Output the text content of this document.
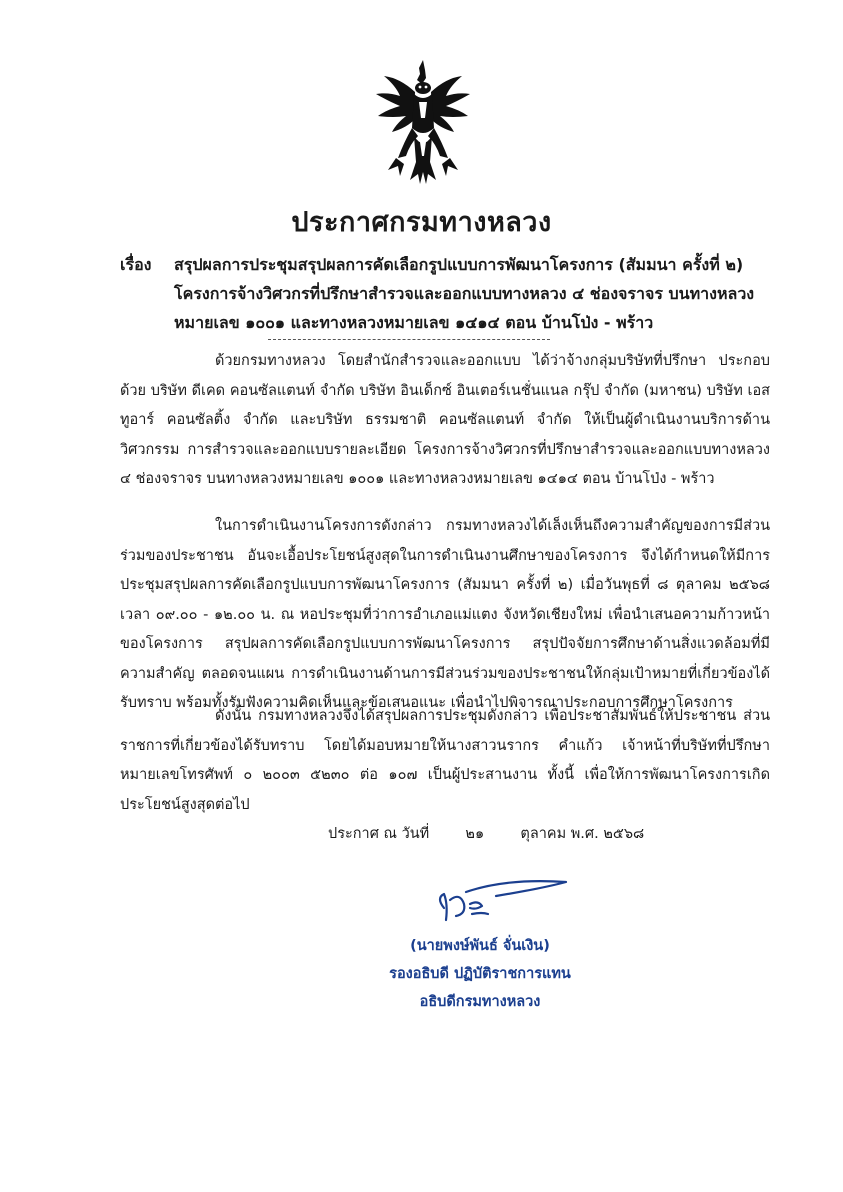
ประกาศกรมทางหลวง
เรื่อง สรุปผลการประชุมสรุปผลการคัดเลือกรูปแบบการพัฒนาโครงการ (สัมมนา ครั้งที่ ๒) โครงการจ้างวิศวกรที่ปรึกษาสำรวจและออกแบบทางหลวง ๔ ช่องจราจร บนทางหลวงหมายเลข ๑๐๐๑ และทางหลวงหมายเลข ๑๔๑๔ ตอน บ้านโป่ง - พร้าว

ด้วยกรมทางหลวง โดยสำนักสำรวจและออกแบบ ได้ว่าจ้างกลุ่มบริษัทที่ปรึกษา ประกอบด้วย บริษัท ดีเคด คอนซัลแตนท์ จำกัด บริษัท อินเด็กซ์ อินเตอร์เนชั่นแนล กรุ๊ป จำกัด (มหาชน) บริษัท เอสทูอาร์ คอนซัลติ้ง จำกัด และบริษัท ธรรมชาติ คอนซัลแตนท์ จำกัด ให้เป็นผู้ดำเนินงานบริการด้านวิศวกรรม การสำรวจและออกแบบรายละเอียด โครงการจ้างวิศวกรที่ปรึกษาสำรวจและออกแบบทางหลวง ๔ ช่องจราจร บนทางหลวงหมายเลข ๑๐๐๑ และทางหลวงหมายเลข ๑๔๑๔ ตอน บ้านโป่ง - พร้าว

ในการดำเนินงานโครงการดังกล่าว กรมทางหลวงได้เล็งเห็นถึงความสำคัญของการมีส่วนร่วมของประชาชน อันจะเอื้อประโยชน์สูงสุดในการดำเนินงานศึกษาของโครงการ จึงได้กำหนดให้มีการประชุมสรุปผลการคัดเลือกรูปแบบการพัฒนาโครงการ (สัมมนา ครั้งที่ ๒) เมื่อวันพุธที่ ๘ ตุลาคม ๒๕๖๘ เวลา ๐๙.๐๐ - ๑๒.๐๐ น. ณ หอประชุมที่ว่าการอำเภอแม่แตง จังหวัดเชียงใหม่ เพื่อนำเสนอความก้าวหน้าของโครงการ สรุปผลการคัดเลือกรูปแบบการพัฒนาโครงการ สรุปปัจจัยการศึกษาด้านสิ่งแวดล้อมที่มีความสำคัญ ตลอดจนแผน การดำเนินงานด้านการมีส่วนร่วมของประชาชนให้กลุ่มเป้าหมายที่เกี่ยวข้องได้รับทราบ พร้อมทั้งรับฟังความคิดเห็นและข้อเสนอแนะ เพื่อนำไปพิจารณาประกอบการศึกษาโครงการ

ดังนั้น กรมทางหลวงจึงได้สรุปผลการประชุมดังกล่าว เพื่อประชาสัมพันธ์ให้ประชาชน ส่วนราชการที่เกี่ยวข้องได้รับทราบ โดยได้มอบหมายให้นางสาวนรากร คำแก้ว เจ้าหน้าที่บริษัทที่ปรึกษา หมายเลขโทรศัพท์ ๐ ๒๐๐๓ ๕๒๓๐ ต่อ ๑๐๗ เป็นผู้ประสานงาน ทั้งนี้ เพื่อให้การพัฒนาโครงการเกิดประโยชน์สูงสุดต่อไป

ประกาศ ณ วันที่ ๒๑ ตุลาคม พ.ศ. ๒๕๖๘
(นายพงษ์พันธ์ จั่นเงิน)
รองอธิบดี ปฏิบัติราชการแทน
อธิบดีกรมทางหลวง
